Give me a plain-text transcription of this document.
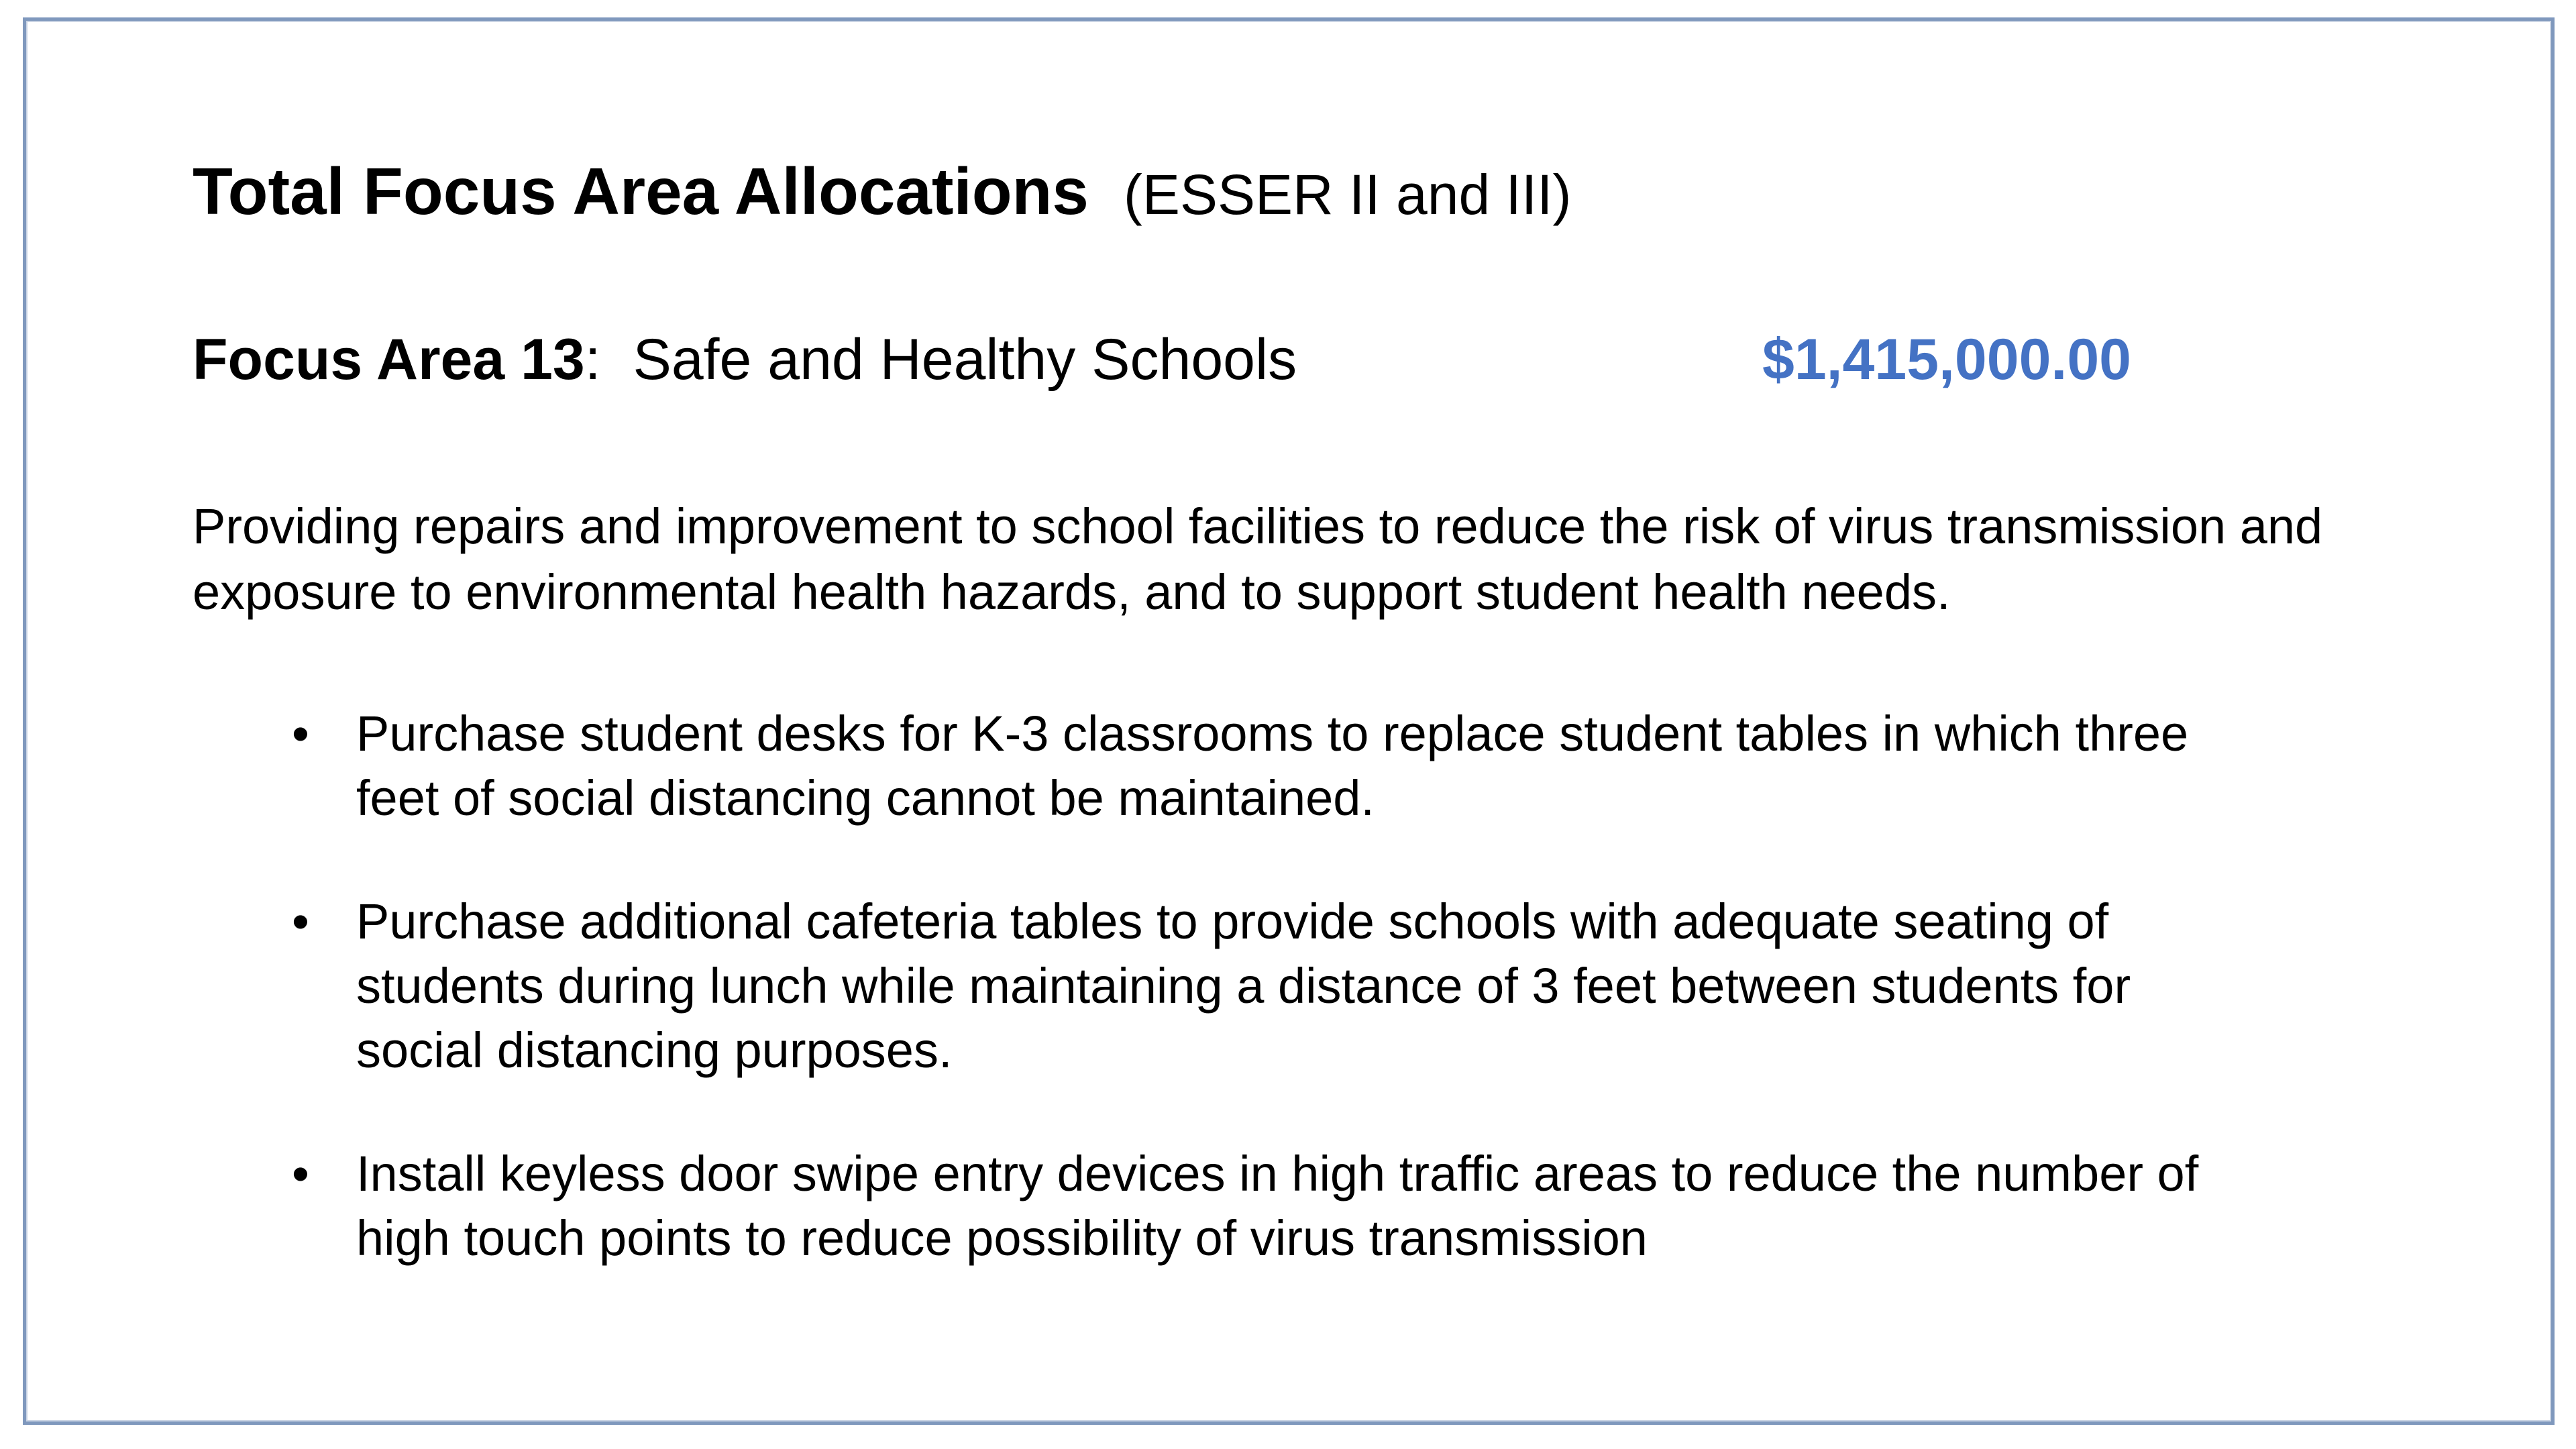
Total Focus Area Allocations (ESSER II and III)
Focus Area 13: Safe and Healthy Schools	$1,415,000.00
Providing repairs and improvement to school facilities to reduce the risk of virus transmission and exposure to environmental health hazards, and to support student health needs.
• Purchase student desks for K-3 classrooms to replace student tables in which three feet of social distancing cannot be maintained.
• Purchase additional cafeteria tables to provide schools with adequate seating of students during lunch while maintaining a distance of 3 feet between students for social distancing purposes.
• Install keyless door swipe entry devices in high traffic areas to reduce the number of high touch points to reduce possibility of virus transmission
